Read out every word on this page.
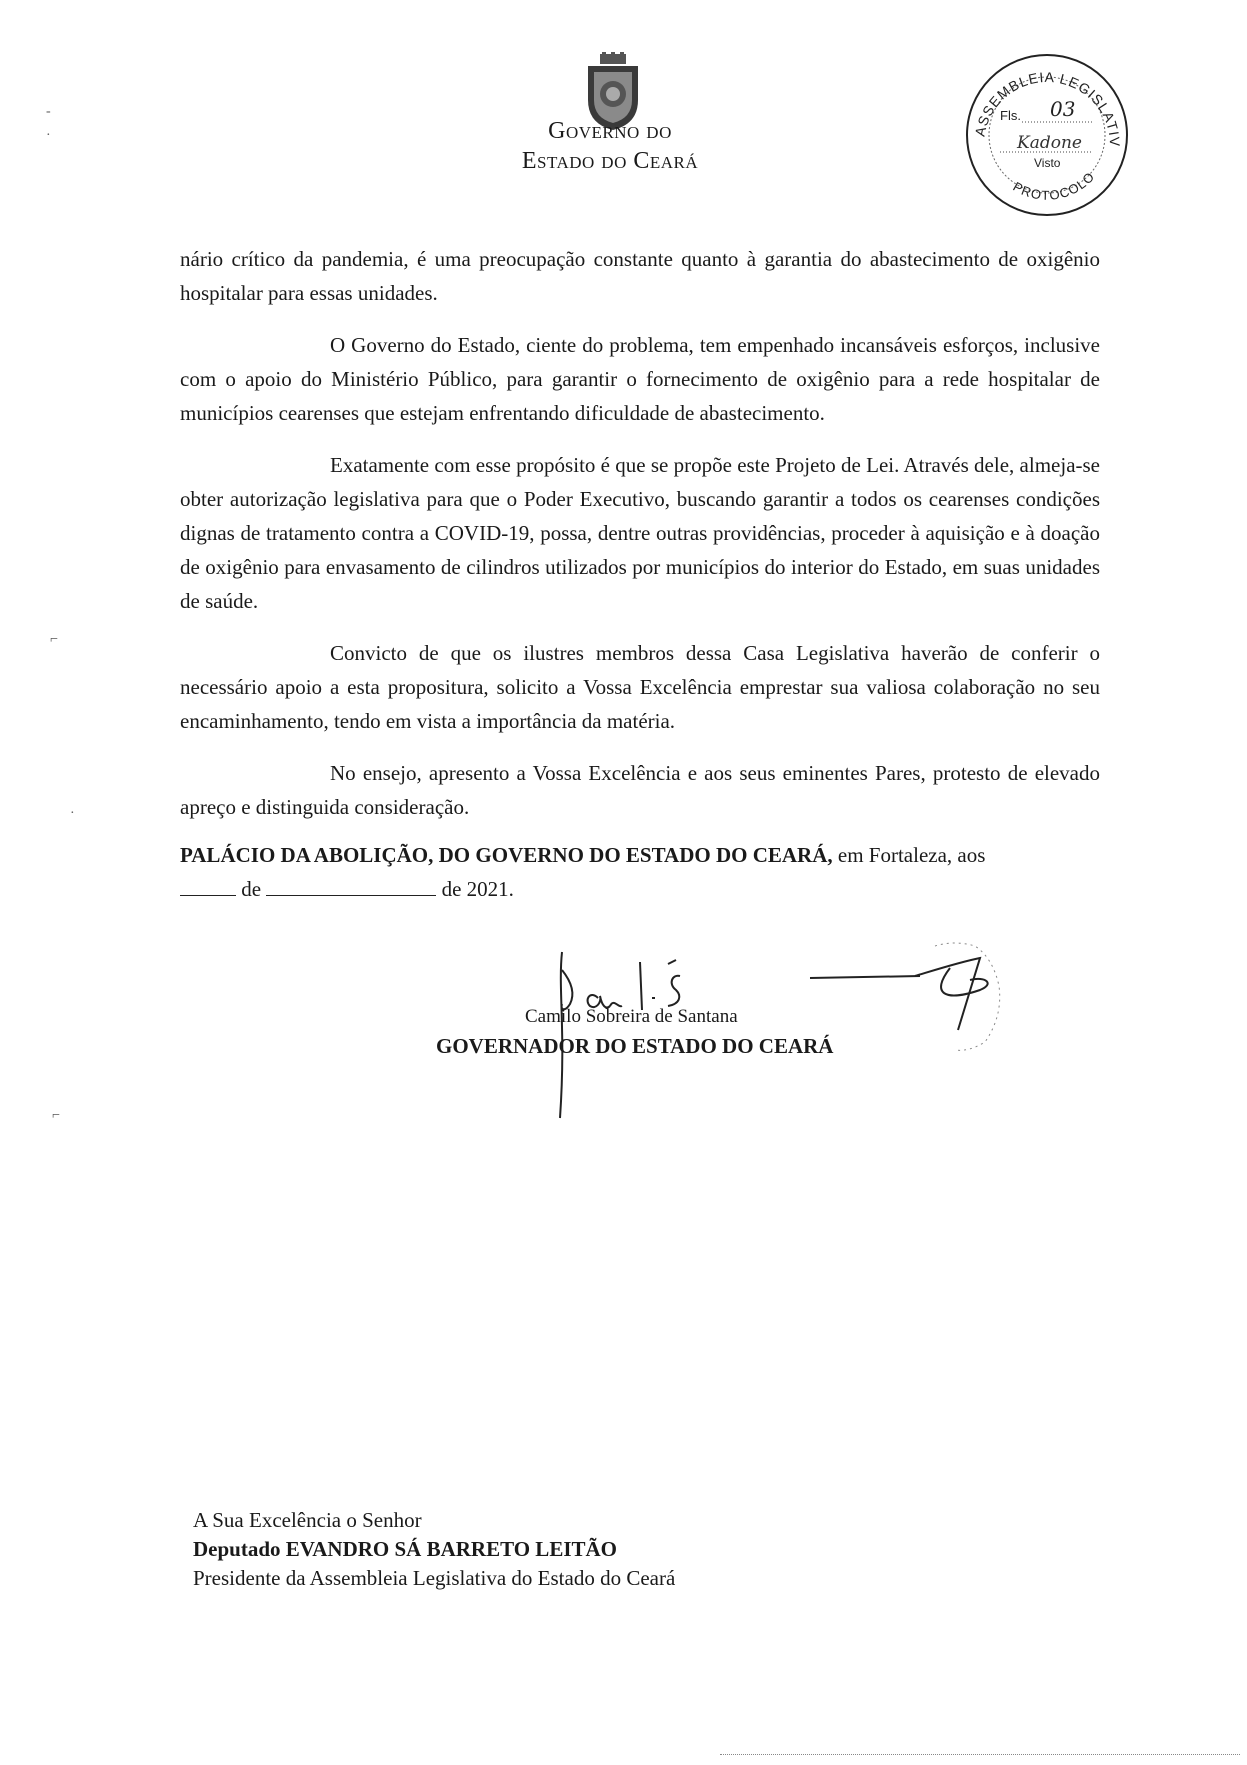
Governo do
Estado do Ceará
ASSEMBLEIA LEGISLATIV
PROTOCOLO
Fls. 03
Kadone
Visto
-
·
⌐
·
⌐

nário crítico da pandemia, é uma preocupação constante quanto à garantia do abastecimento de oxigênio hospitalar para essas unidades.

O Governo do Estado, ciente do problema, tem empenhado incansáveis esforços, inclusive com o apoio do Ministério Público, para garantir o fornecimento de oxigênio para a rede hospitalar de municípios cearenses que estejam enfrentando dificuldade de abastecimento.

Exatamente com esse propósito é que se propõe este Projeto de Lei. Através dele, almeja-se obter autorização legislativa para que o Poder Executivo, buscando garantir a todos os cearenses condições dignas de tratamento contra a COVID-19, possa, dentre outras providências, proceder à aquisição e à doação de oxigênio para envasamento de cilindros utilizados por municípios do interior do Estado, em suas unidades de saúde.

Convicto de que os ilustres membros dessa Casa Legislativa haverão de conferir o necessário apoio a esta propositura, solicito a Vossa Excelência emprestar sua valiosa colaboração no seu encaminhamento, tendo em vista a importância da matéria.

No ensejo, apresento a Vossa Excelência e aos seus eminentes Pares, protesto de elevado apreço e distinguida consideração.

PALÁCIO DA ABOLIÇÃO, DO GOVERNO DO ESTADO DO CEARÁ, em Fortaleza, aos

de	de 2021.

Camilo Sobreira de Santana
GOVERNADOR DO ESTADO DO CEARÁ
A Sua Excelência o Senhor
Deputado EVANDRO SÁ BARRETO LEITÃO
Presidente da Assembleia Legislativa do Estado do Ceará
